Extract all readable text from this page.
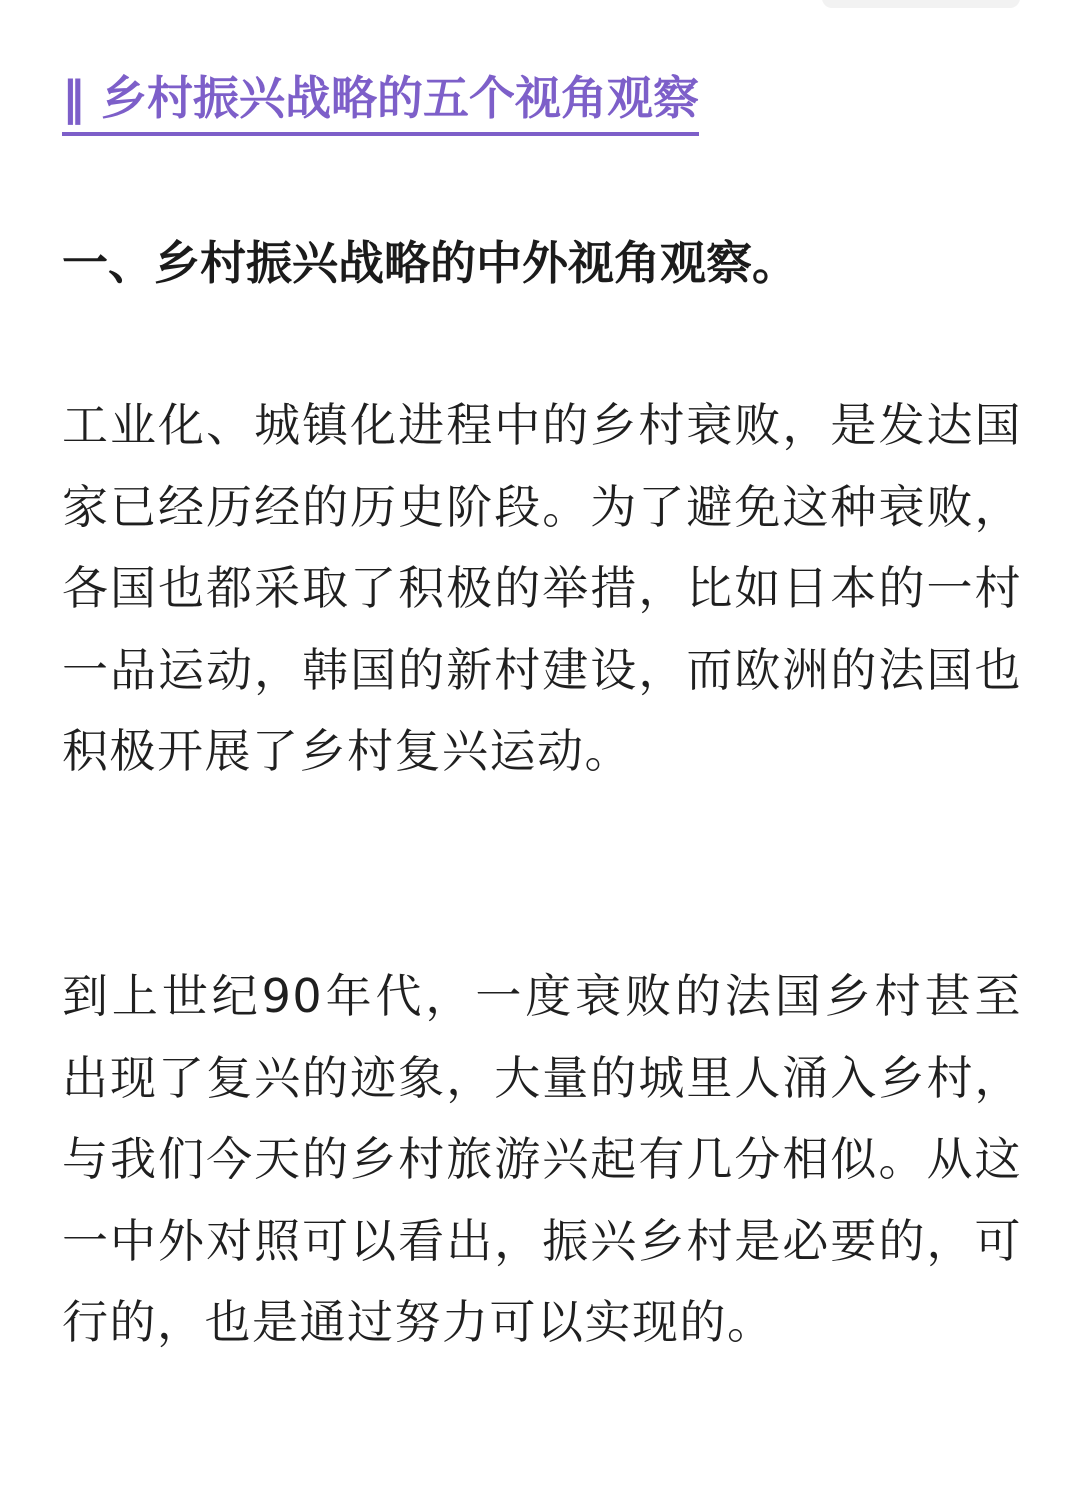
‖ 乡村振兴战略的五个视角观察
一、乡村振兴战略的中外视角观察。
工业化、城镇化进程中的乡村衰败，是发达国家已经历经的历史阶段。为了避免这种衰败，各国也都采取了积极的举措，比如日本的一村一品运动，韩国的新村建设，而欧洲的法国也积极开展了乡村复兴运动。
到上世纪90年代，一度衰败的法国乡村甚至出现了复兴的迹象，大量的城里人涌入乡村，与我们今天的乡村旅游兴起有几分相似。从这一中外对照可以看出，振兴乡村是必要的，可行的，也是通过努力可以实现的。
